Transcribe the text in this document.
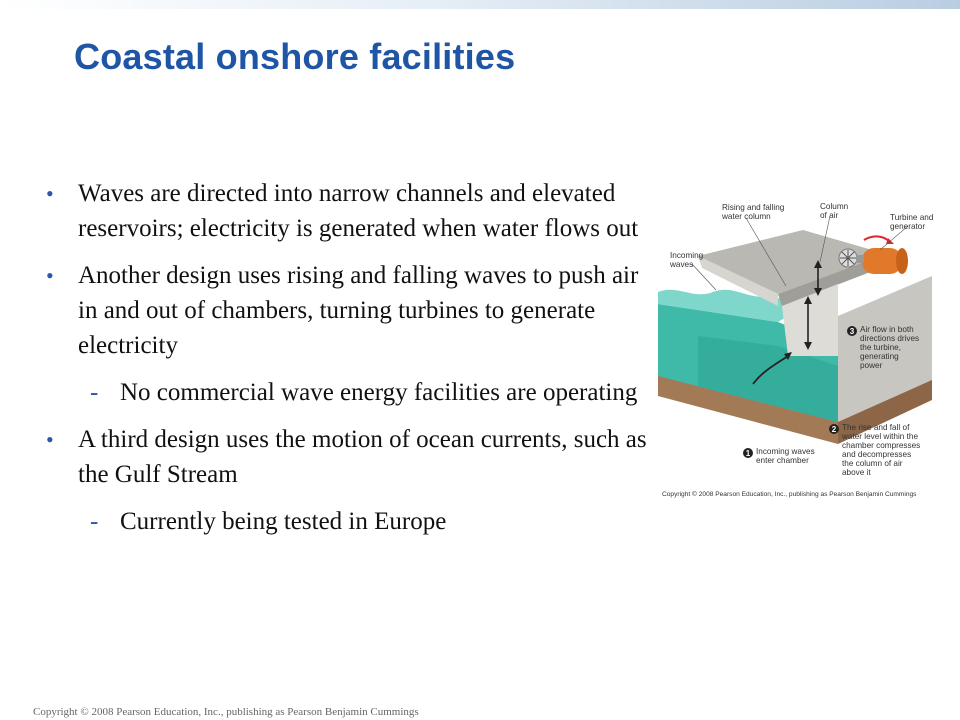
Coastal onshore facilities
• Waves are directed into narrow channels and elevated reservoirs; electricity is generated when water flows out
• Another design uses rising and falling waves to push air in and out of chambers, turning turbines to generate electricity
- No commercial wave energy facilities are operating
• A third design uses the motion of ocean currents, such as the Gulf Stream
- Currently being tested in Europe
Rising and falling
water column
Column
of air	Turbine and
generator
Incoming
waves
3 Air flow in both
directions drives
the turbine,
generating
power
2 The rise and fall of
water level within the
chamber compresses
and decompresses
the column of air
above it
1 Incoming waves
enter chamber
Copyright © 2008 Pearson Education, Inc., publishing as Pearson Benjamin Cummings
Copyright © 2008 Pearson Education, Inc., publishing as Pearson Benjamin Cummings
